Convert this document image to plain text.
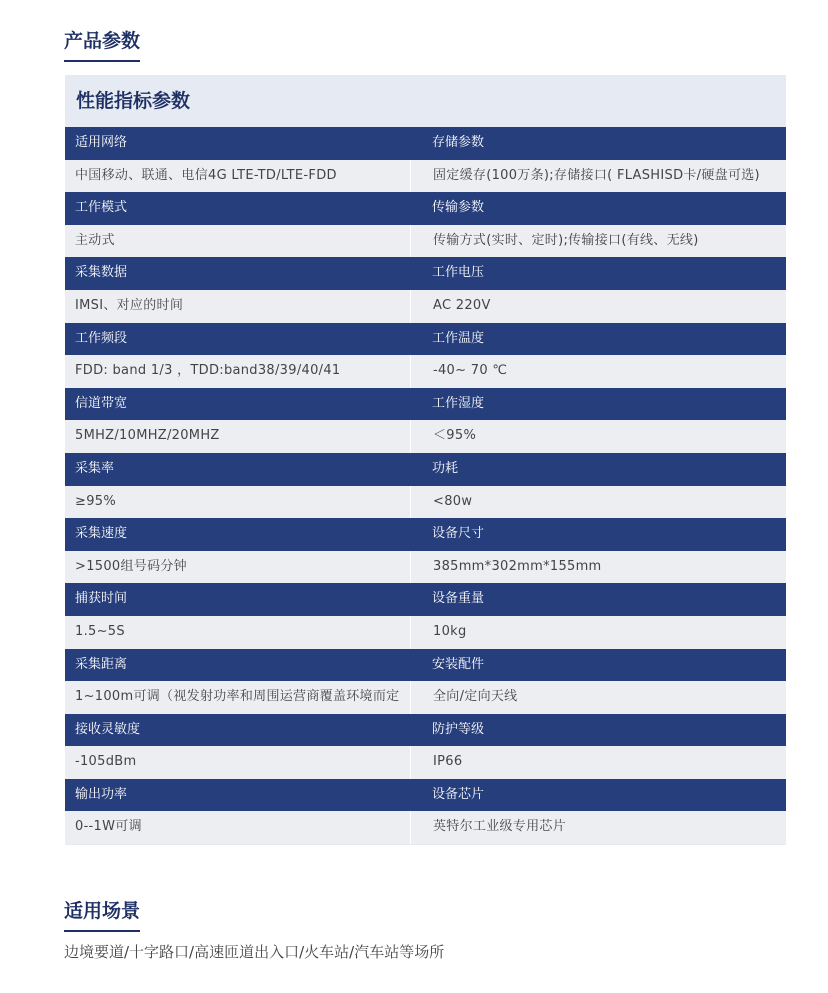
产品参数
性能指标参数
适用网络	存储参数
中国移动、联通、电信4G LTE-TD/LTE-FDD	固定缓存(100万条);存储接口( FLASHISD卡/硬盘可选)
工作模式	传输参数
主动式	传输方式(实时、定时);传输接口(有线、无线)
采集数据	工作电压
IMSI、对应的时间	AC 220V
工作频段	工作温度
FDD: band 1/3 ，TDD:band38/39/40/41	-40~ 70 ℃
信道带宽	工作湿度
5MHZ/10MHZ/20MHZ	＜95%
采集率	功耗
≥95%	<80w
采集速度	设备尺寸
>1500组号码分钟	385mm*302mm*155mm
捕获时间	设备重量
1.5~5S	10kg
采集距离	安装配件
1~100m可调（视发射功率和周围运营商覆盖环境而定	全向/定向天线
接收灵敏度	防护等级
-105dBm	IP66
输出功率	设备芯片
0--1W可调	英特尔工业级专用芯片
适用场景
边境要道/十字路口/高速匝道出入口/火车站/汽车站等场所
